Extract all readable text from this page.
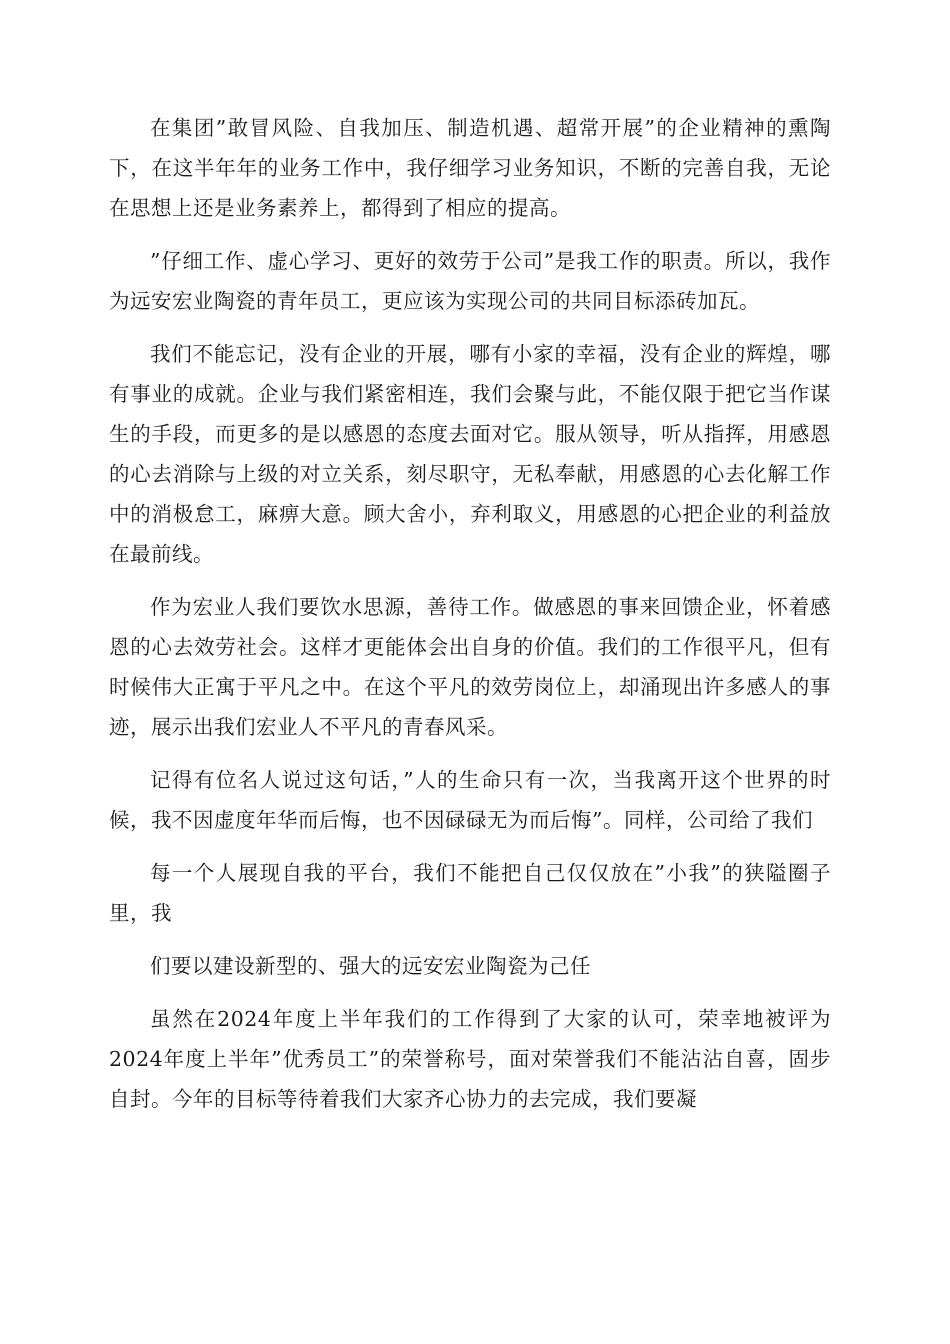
在集团”敢冒风险、自我加压、制造机遇、超常开展”的企业精神的熏陶下，在这半年年的业务工作中，我仔细学习业务知识，不断的完善自我，无论在思想上还是业务素养上，都得到了相应的提高。

”仔细工作、虚心学习、更好的效劳于公司”是我工作的职责。所以，我作为远安宏业陶瓷的青年员工，更应该为实现公司的共同目标添砖加瓦。

我们不能忘记，没有企业的开展，哪有小家的幸福，没有企业的辉煌，哪有事业的成就。企业与我们紧密相连，我们会聚与此，不能仅限于把它当作谋生的手段，而更多的是以感恩的态度去面对它。服从领导，听从指挥，用感恩的心去消除与上级的对立关系，刻尽职守，无私奉献，用感恩的心去化解工作中的消极怠工，麻痹大意。顾大舍小，弃利取义，用感恩的心把企业的利益放在最前线。

作为宏业人我们要饮水思源，善待工作。做感恩的事来回馈企业，怀着感恩的心去效劳社会。这样才更能体会出自身的价值。我们的工作很平凡，但有时候伟大正寓于平凡之中。在这个平凡的效劳岗位上，却涌现出许多感人的事迹，展示出我们宏业人不平凡的青春风采。

记得有位名人说过这句话，”人的生命只有一次，当我离开这个世界的时候，我不因虚度年华而后悔，也不因碌碌无为而后悔”。同样，公司给了我们

每一个人展现自我的平台，我们不能把自己仅仅放在”小我”的狭隘圈子里，我

们要以建设新型的、强大的远安宏业陶瓷为己任

虽然在2024年度上半年我们的工作得到了大家的认可，荣幸地被评为2024年度上半年”优秀员工”的荣誉称号，面对荣誉我们不能沾沾自喜，固步自封。今年的目标等待着我们大家齐心协力的去完成，我们要凝
